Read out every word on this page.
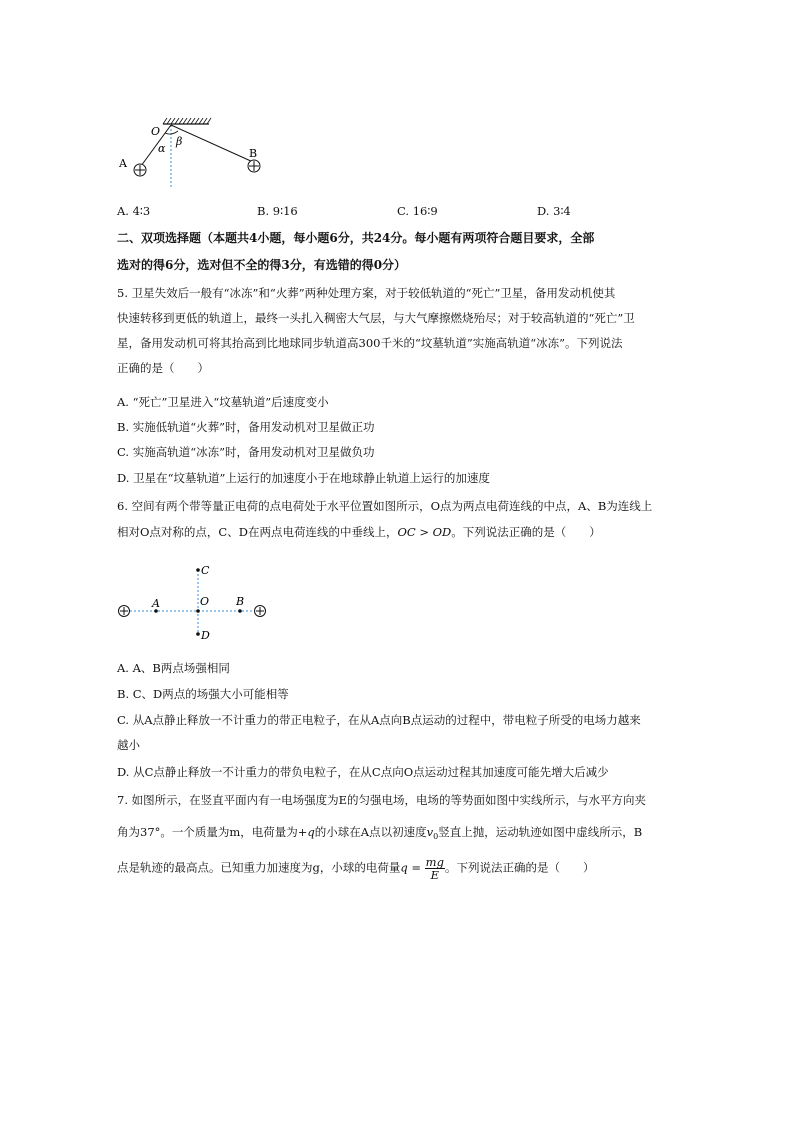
O
A
B
α
β
A. 4∶3	B. 9∶16	C. 16∶9	D. 3∶4
二、双项选择题（本题共4小题，每小题6分，共24分。每小题有两项符合题目要求，全部
选对的得6分，选对但不全的得3分，有选错的得0分）
5. 卫星失效后一般有“冰冻”和“火葬”两种处理方案，对于较低轨道的“死亡”卫星，备用发动机使其
快速转移到更低的轨道上，最终一头扎入稠密大气层，与大气摩擦燃烧殆尽；对于较高轨道的“死亡”卫
星，备用发动机可将其抬高到比地球同步轨道高300千米的“坟墓轨道”实施高轨道“冰冻”。下列说法
正确的是（　　）
A. “死亡”卫星进入“坟墓轨道”后速度变小
B. 实施低轨道“火葬”时，备用发动机对卫星做正功
C. 实施高轨道“冰冻”时，备用发动机对卫星做负功
D. 卫星在“坟墓轨道”上运行的加速度小于在地球静止轨道上运行的加速度
6. 空间有两个带等量正电荷的点电荷处于水平位置如图所示，O点为两点电荷连线的中点，A、B为连线上
相对O点对称的点，C、D在两点电荷连线的中垂线上，OC > OD。下列说法正确的是（　　）
C
A	O B
D
A. A、B两点场强相同
B. C、D两点的场强大小可能相等
C. 从A点静止释放一不计重力的带正电粒子，在从A点向B点运动的过程中，带电粒子所受的电场力越来
越小
D. 从C点静止释放一不计重力的带负电粒子，在从C点向O点运动过程其加速度可能先增大后减少
7. 如图所示，在竖直平面内有一电场强度为E的匀强电场，电场的等势面如图中实线所示，与水平方向夹
角为37°。一个质量为m，电荷量为+q的小球在A点以初速度$v_0$竖直上抛，运动轨迹如图中虚线所示，B
点是轨迹的最高点。已知重力加速度为g，小球的电荷量$q = \frac{mg}{E}$ 。下列说法正确的是（　　）
